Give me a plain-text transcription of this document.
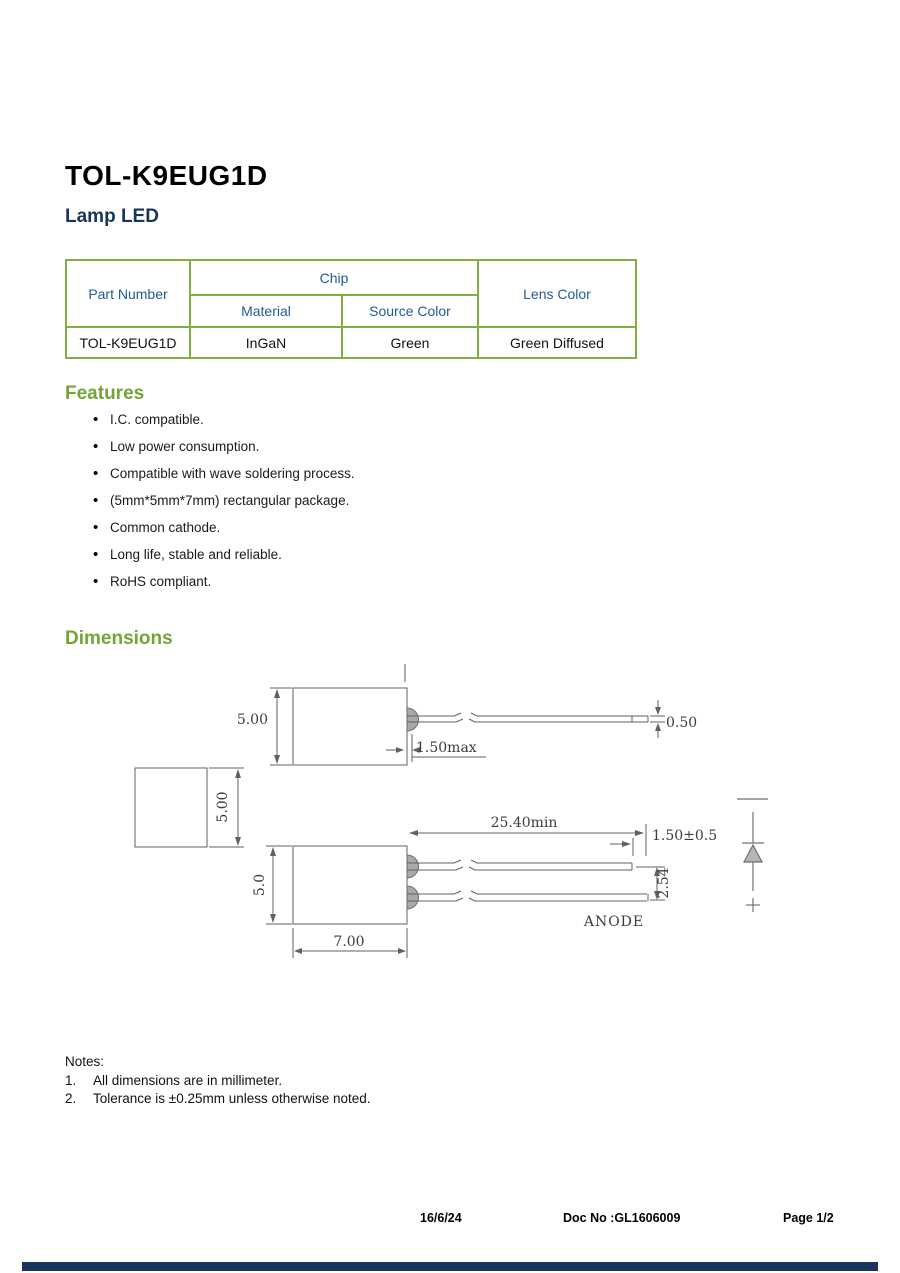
TOL-K9EUG1D
Lamp LED
Part Number	Chip		Lens Color
	Material	Source Color	
TOL-K9EUG1D	InGaN	Green	Green Diffused
Features
• I.C. compatible.
• Low power consumption.
• Compatible with wave soldering process.
• (5mm*5mm*7mm) rectangular package.
• Common cathode.
• Long life, stable and reliable.
• RoHS compliant.
Dimensions
5.00	0.50
1.50max
5.00
5.0
7.00
25.40min
1.50±0.5
2.54
ANODE
Notes:
1.	All dimensions are in millimeter.
2.	Tolerance is ±0.25mm unless otherwise noted.
16/6/24	Doc No :GL1606009	Page 1/2
